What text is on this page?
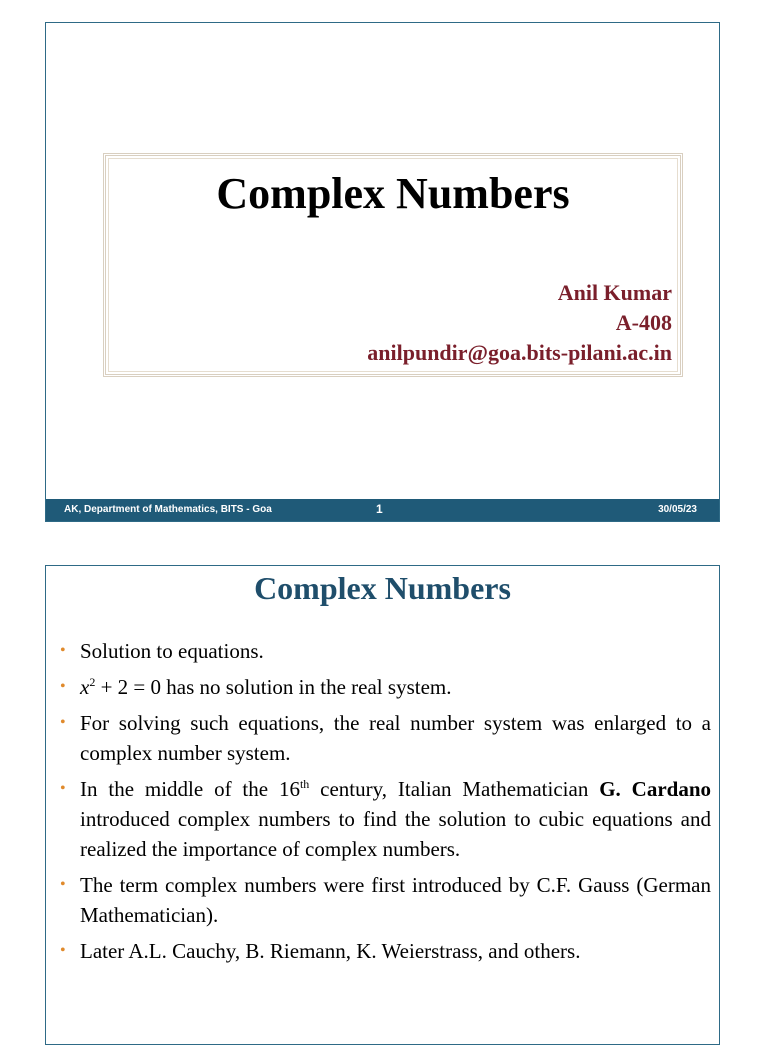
Complex Numbers
Anil Kumar
A-408
anilpundir@goa.bits-pilani.ac.in
AK, Department of Mathematics, BITS - Goa	1	30/05/23
Complex Numbers
• Solution to equations.
• $x^2 + 2 = 0$ has no solution in the real system.
• For solving such equations, the real number system was enlarged to a complex number system.
• In the middle of the 16th century, Italian Mathematician G. Cardano introduced complex numbers to find the solution to cubic equations and realized the importance of complex numbers.
• The term complex numbers were first introduced by C.F. Gauss (German Mathematician).
• Later A.L. Cauchy, B. Riemann, K. Weierstrass, and others.
